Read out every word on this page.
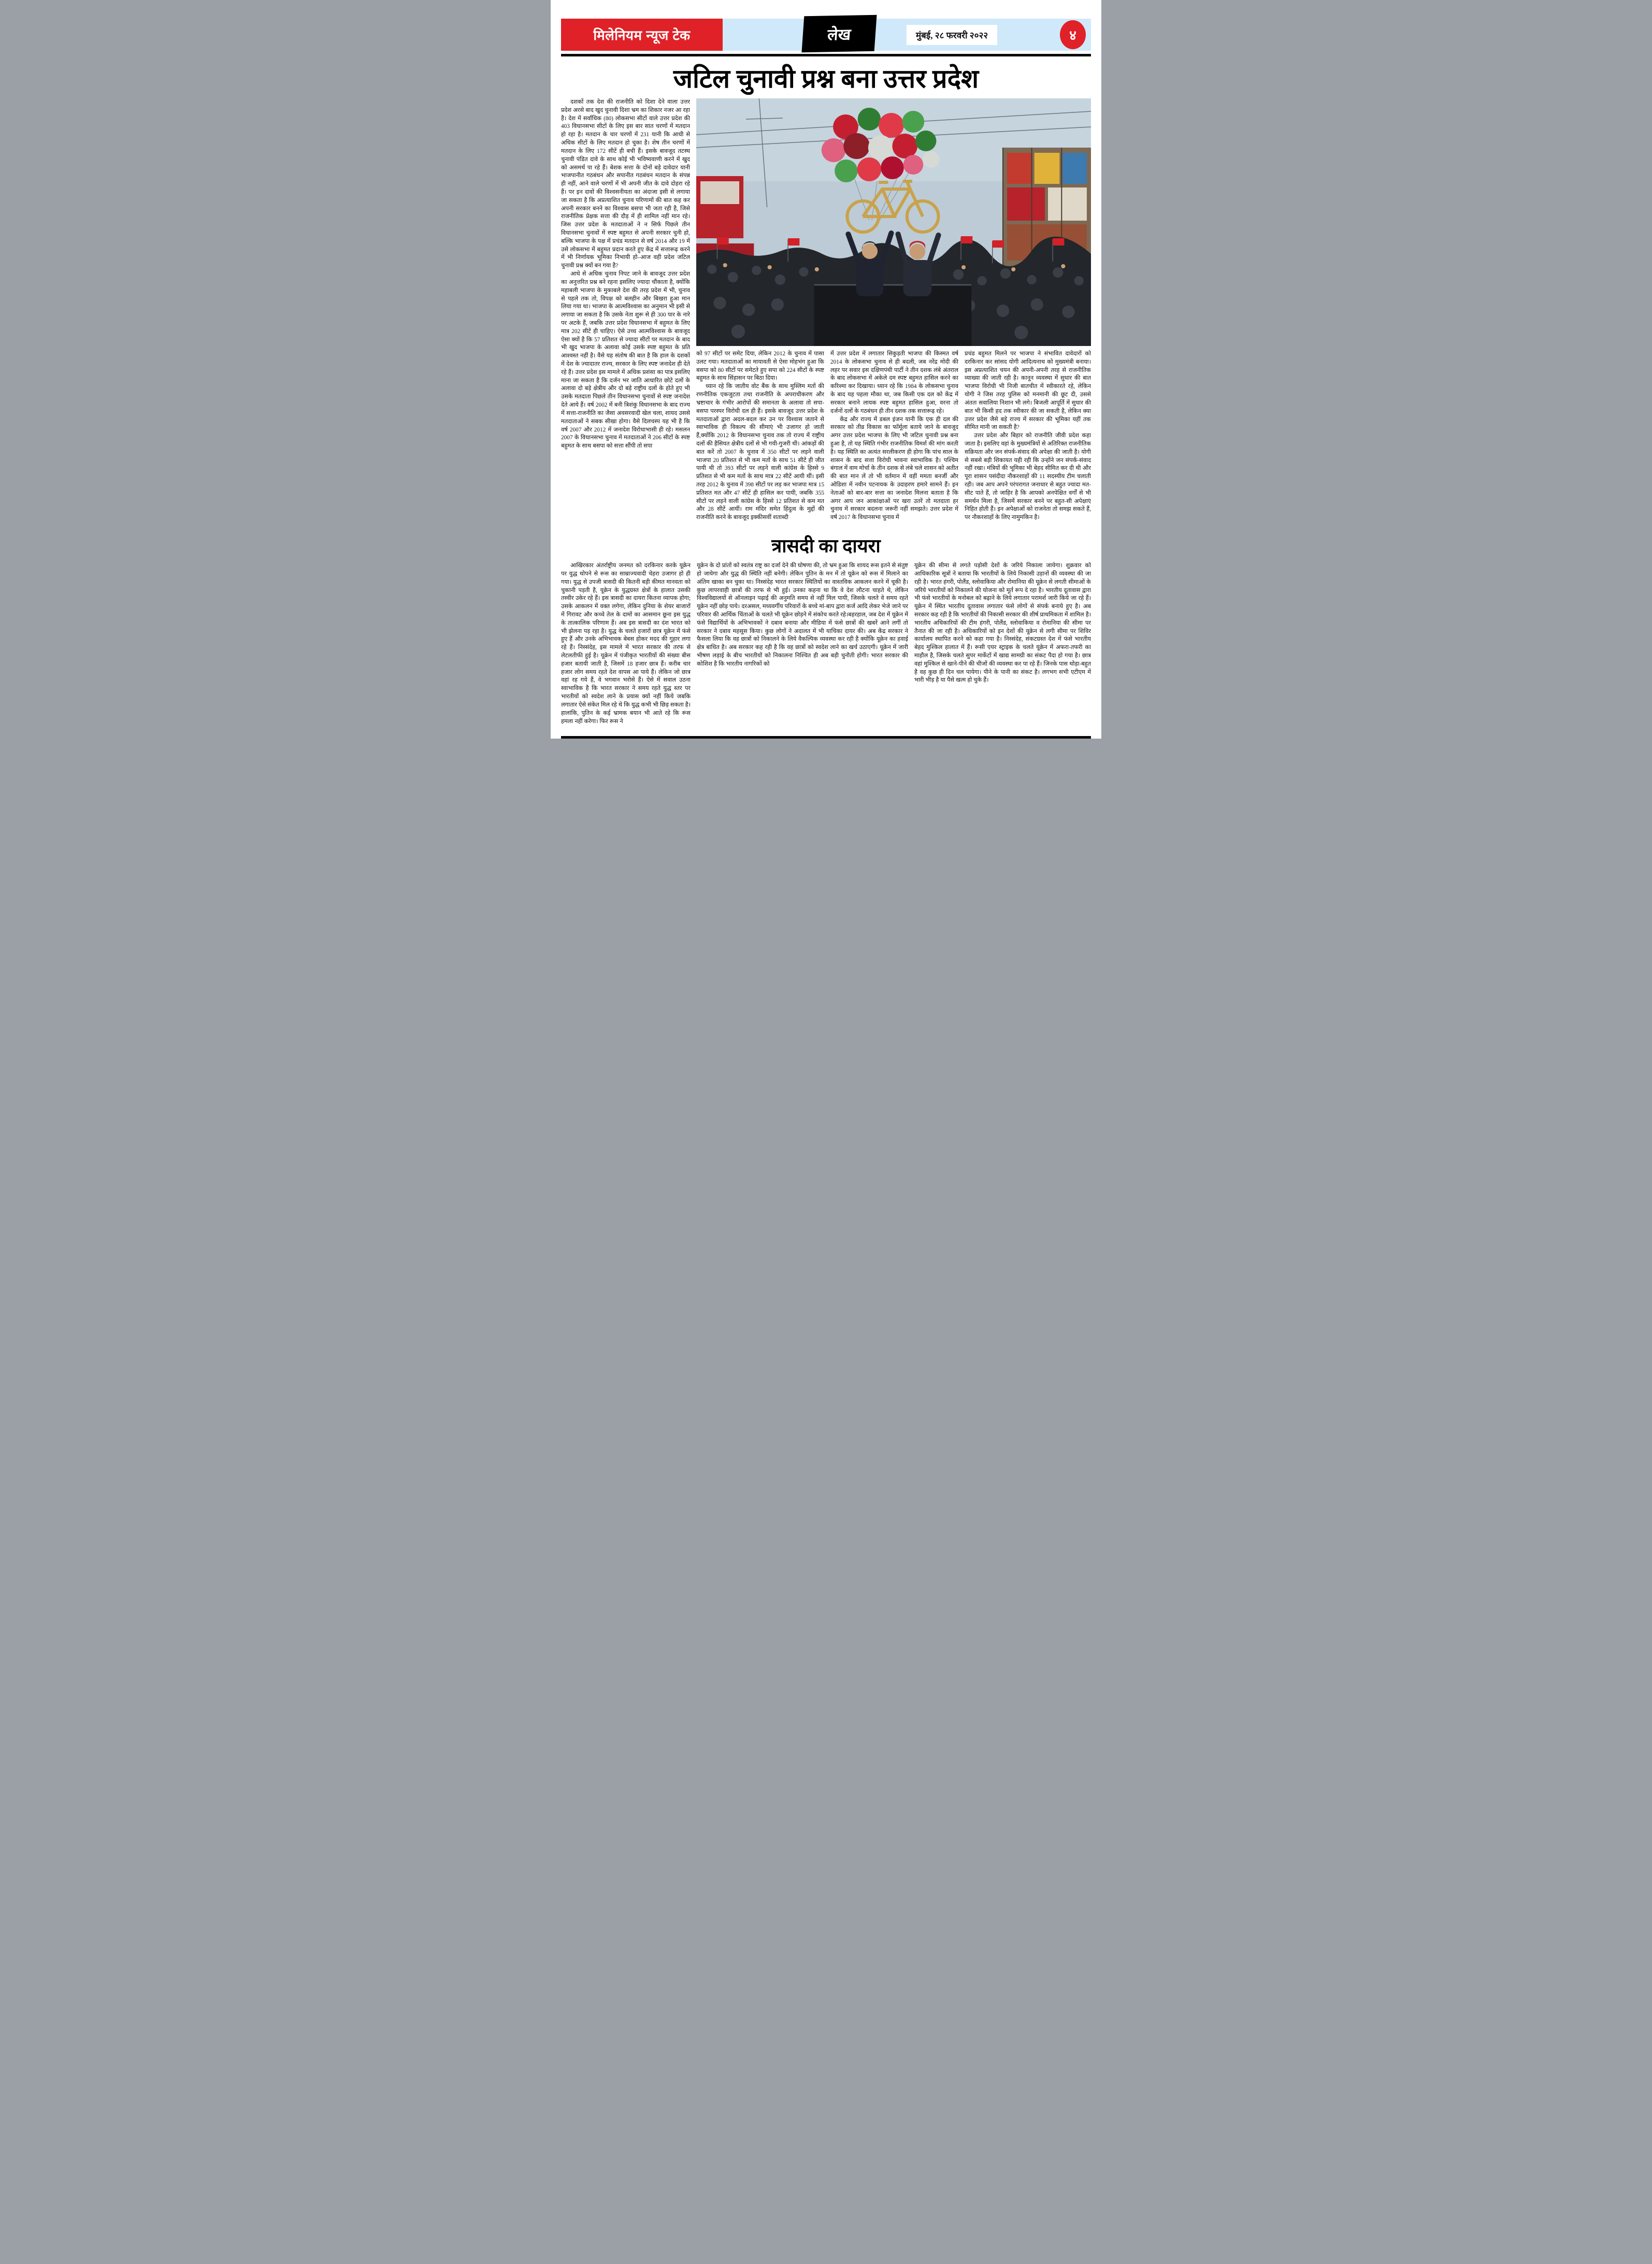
मिलेनियम न्यूज टेक	लेख	मुंबई, २८ फरवरी २०२२	४
जटिल चुनावी प्रश्न बना उत्तर प्रदेश

दशकों तक देश की राजनीति को दिशा देने वाला उत्तर प्रदेश अरसे बाद खुद चुनावी दिशा भ्रम का शिकार नजर आ रहा है। देश में सर्वाधिक (80) लोकसभा सीटों वाले उत्तर प्रदेश की 403 विधानसभा सीटों के लिए इस बार सात चरणों में मतदान हो रहा है। मतदान के चार चरणों में 231 यानी कि आधी से अधिक सीटों के लिए मतदान हो चुका है। शेष तीन चरणों में मतदान के लिए 172 सीटें ही बची हैं। इसके बावजूद तटस्थ चुनावी पंडित दावे के साथ कोई भी भविष्यवाणी करने में खुद को असमर्थ पा रहे हैं। बेशक सत्ता के दोनों बड़े दावेदार यानी भाजपानीत गठबंधन और सपानीत गठबंधन मतदान के संपन्न ही नहीं, आने वाले चरणों में भी अपनी जीत के दावे दोहरा रहे हैं। पर इन दावों की विश्वसनीयता का अंदाजा इसी से लगाया जा सकता है कि अप्रत्याशित चुनाव परिणामों की बात कह कर अपनी सरकार बनने का विश्वास बसपा भी जता रही है, जिसे राजनीतिक प्रेक्षक सत्ता की दौड़ में ही शामिल नहीं मान रहे। जिस उत्तर प्रदेश के मतदाताओं ने न सिर्फ पिछले तीन विधानसभा चुनावों में स्पष्ट बहुमत से अपनी सरकार चुनी हो, बल्कि भाजपा के पक्ष में प्रचंड मतदान से वर्ष 2014 और 19 में उसे लोकसभा में बहुमत प्रदान करते हुए केंद्र में सत्तारूढ़ करने में भी निर्णायक भूमिका निभायी हो–आज वही प्रदेश जटिल चुनावी प्रश्न क्यों बन गया है?

आधे से अधिक चुनाव निपट जाने के बावजूद उत्तर प्रदेश का अनुत्तरित प्रश्न बने रहना इसलिए ज्यादा चौंकाता है, क्योंकि महाबली भाजपा के मुकाबले देश की तरह प्रदेश में भी, चुनाव से पहले तक तो, विपक्ष को बलहीन और बिखरा हुआ मान लिया गया था। भाजपा के आत्मविश्वास का अनुमान भी इसी से लगाया जा सकता है कि उसके नेता शुरू से ही 300 पार के नारे पर अटके हैं, जबकि उत्तर प्रदेश विधानसभा में बहुमत के लिए मात्र 202 सीटें ही चाहिए। ऐसे उच्च आत्मविश्वास के बावजूद ऐसा क्यों है कि 57 प्रतिशत से ज्यादा सीटों पर मतदान के बाद भी खुद भाजपा के अलावा कोई उसके स्पष्ट बहुमत के प्रति आश्वस्त नहीं है। वैसे यह संतोष की बात है कि हाल के दशकों में देश के ज्यादातर राज्य, सरकार के लिए स्पष्ट जनादेश ही देते रहे हैं। उत्तर प्रदेश इस मामले में अधिक प्रशंसा का पात्र इसलिए माना जा सकता है कि दर्जन भर जाति आधारित छोटे दलों के अलावा दो बड़े क्षेत्रीय और दो बड़े राष्ट्रीय दलों के होते हुए भी उसके मतदाता पिछले तीन विधानसभा चुनावों से स्पष्ट जनादेश देते आये हैं। वर्ष 2002 में बनी त्रिशंकु विधानसभा के बाद राज्य में सत्ता-राजनीति का जैसा अवसरवादी खेल चला, शायद उससे मतदाताओं ने सबक सीखा होगा। वैसे दिलचस्प यह भी है कि वर्ष 2007 और 2012 में जनादेश विरोधाभासी ही रहे। मसलन 2007 के विधानसभा चुनाव में मतदाताओं ने 206 सीटों के स्पष्ट बहुमत के साथ बसपा को सत्ता सौंपी तो सपा

को 97 सीटों पर समेट दिया, लेकिन 2012 के चुनाव में पासा उलट गया। मतदाताओं का मायावती से ऐसा मोहभंग हुआ कि बसपा को 80 सीटों पर समेटते हुए सपा को 224 सीटों के स्पष्ट बहुमत के साथ सिंहासन पर बिठा दिया।

ध्यान रहे कि जातीय वोट बैंक के साथ मुस्लिम मतों की रणनीतिक एकजुटता तथा राजनीति के अपराधीकरण और भ्रष्टाचार के गंभीर आरोपों की समानता के अलावा तो सपा-बसपा परस्पर विरोधी दल ही हैं। इसके बावजूद उत्तर प्रदेश के मतदाताओं द्वारा अदल-बदल कर उन पर विश्वास जताने से स्वाभाविक ही विकल्प की सीमाएं भी उजागर हो जाती हैं,क्योंकि 2012 के विधानसभा चुनाव तक तो राज्य में राष्ट्रीय दलों की हैसियत क्षेत्रीय दलों से भी गयी-गुजरी थी। आंकड़ों की बात करें तो 2007 के चुनाव में 350 सीटों पर लड़ने वाली भाजपा 20 प्रतिशत से भी कम मतों के साथ 51 सीटें ही जीत पायी थी तो 393 सीटों पर लड़ने वाली कांग्रेस के हिस्से 9 प्रतिशत से भी कम मतों के साथ मात्र 22 सीटें आयी थीं। इसी तरह 2012 के चुनाव में 398 सीटों पर लड़ कर भाजपा मात्र 15 प्रतिशत मत और 47 सीटें ही हासिल कर पायी, जबकि 355 सीटों पर लड़ने वाली कांग्रेस के हिस्से 12 प्रतिशत से कम मत और 28 सीटें आयीं। राम मंदिर समेत हिंदुत्व के मुद्दों की राजनीति करने के बावजूद इक्कीसवीं शताब्दी

में उत्तर प्रदेश में लगातार सिकुड़ती भाजपा की किस्मत वर्ष 2014 के लोकसभा चुनाव से ही बदली, जब नरेंद्र मोदी की लहर पर सवार इस दक्षिणपंथी पार्टी ने तीन दशक लंबे अंतराल के बाद लोकसभा में अकेले दम स्पष्ट बहुमत हासिल करने का करिश्मा कर दिखाया। ध्यान रहे कि 1984 के लोकसभा चुनाव के बाद यह पहला मौका था, जब किसी एक दल को केंद्र में सरकार बनाने लायक स्पष्ट बहुमत हासिल हुआ, वरना तो दर्जनों दलों के गठबंधन ही तीन दशक तक सत्तारूढ़ रहे।

केंद्र और राज्य में डबल इंजन यानी कि एक ही दल की सरकार को तीव्र विकास का फॉर्मूला बताये जाने के बावजूद अगर उत्तर प्रदेश भाजपा के लिए भी जटिल चुनावी प्रश्न बना हुआ है, तो यह स्थिति गंभीर राजनीतिक विमर्श की मांग करती है। यह स्थिति का अत्यंत सरलीकरण ही होगा कि पांच साल के शासन के बाद सत्ता विरोधी भावना स्वाभाविक है। पश्चिम बंगाल में वाम मोर्चा के तीन दशक से लंबे चले शासन को अतीत की बात मान लें तो भी वर्तमान में वहीं ममता बनर्जी और ओडिशा में नवीन पटनायक के उदाहरण हमारे सामने हैं। इन नेताओं को बार-बार सत्ता का जनादेश मिलना बताता है कि अगर आप जन आकांक्षाओं पर खरा उतरें तो मतदाता हर चुनाव में सरकार बदलना जरूरी नहीं समझते। उत्तर प्रदेश में वर्ष 2017 के विधानसभा चुनाव में

प्रचंड बहुमत मिलने पर भाजपा ने संभावित दावेदारों को दरकिनार कर सांसद योगी आदित्यनाथ को मुख्यमंत्री बनाया। इस अप्रत्याशित चयन की अपनी-अपनी तरह से राजनीतिक व्याख्या की जाती रही है। कानून व्यवस्था में सुधार की बात भाजपा विरोधी भी निजी बातचीत में स्वीकारते रहे, लेकिन योगी ने जिस तरह पुलिस को मनमानी की छूट दी, उससे अंततः सवालिया निशान भी लगे। बिजली आपूर्ति में सुधार की बात भी किसी हद तक स्वीकार की जा सकती है, लेकिन क्या उत्तर प्रदेश जैसे बड़े राज्य में सरकार की भूमिका यहीं तक सीमित मानी जा सकती है?

उत्तर प्रदेश और बिहार को राजनीति जीवी प्रदेश कहा जाता है। इसलिए वहां के मुख्यमंत्रियों से अतिरिक्त राजनीतिक सक्रियता और जन संपर्क-संवाद की अपेक्षा की जाती है। योगी से सबसे बड़ी शिकायत यही रही कि उन्होंने जन संपर्क-संवाद नहीं रखा। मंत्रियों की भूमिका भी बेहद सीमित कर दी थी और पूरा शासन पसंदीदा नौकरशाहों की 11 सदस्यीय टीम चलाती रही। जब आप अपने परंपरागत जनाधार से बहुत ज्यादा मत-सीट पाते हैं, तो जाहिर है कि आपको अनपेक्षित वर्गों से भी समर्थन मिला है, जिसमें सरकार बनने पर बहुत-सी अपेक्षाएं निहित होती हैं। इन अपेक्षाओं को राजनेता तो समझ सकते हैं, पर नौकरशाहों के लिए नामुमकिन है।

त्रासदी का दायरा

आखिरकार अंतर्राष्ट्रीय जनमत को दरकिनार करके यूक्रेन पर युद्ध थोपने से रूस का साम्राज्यवादी चेहरा उजागर हो ही गया। युद्ध से उपजी त्रासदी की कितनी बड़ी कीमत मानवता को चुकानी पड़ती है, यूक्रेन के युद्धग्रस्त क्षेत्रों के हालात उसकी तस्वीर उकेर रहे हैं। इस त्रासदी का दायरा कितना व्यापक होगा; उसके आकलन में वक्त लगेगा, लेकिन दुनिया के शेयर बाजारों में गिरावट और कच्चे तेल के दामों का आसमान छूना इस युद्ध के तात्कालिक परिणाम हैं। अब इस त्रासदी का दंश भारत को भी झेलना पड़ रहा है। युद्ध के चलते हजारों छात्र यूक्रेन में फंसे हुए हैं और उनके अभिभावक बेबस होकर मदद की गुहार लगा रहे हैं। निस्संदेह, इस मामले में भारत सरकार की तरफ से लेटलतीफी हुई है। यूक्रेन में पंजीकृत भारतीयों की संख्या बीस हजार बतायी जाती है, जिसमें 18 हजार छात्र हैं। करीब चार हजार लोग समय रहते देश वापस आ पाये हैं। लेकिन जो छात्र वहां रह गये हैं, वे भगवान भरोसे हैं। ऐसे में सवाल उठना स्वाभाविक है कि भारत सरकार ने समय रहते युद्ध स्तर पर भारतीयों को स्वदेश लाने के प्रयास क्यों नहीं किये जबकि लगातार ऐसे संकेत मिल रहे थे कि युद्ध कभी भी छिड़ सकता है। हालांकि, पुतिन के कई भ्रामक बयान भी आते रहे कि रूस हमला नहीं करेगा। फिर रूस ने

यूक्रेन के दो प्रांतों को स्वतंत्र राष्ट्र का दर्जा देने की घोषणा की, तो भ्रम हुआ कि शायद रूस इतने से संतुष्ट हो जायेगा और युद्ध की स्थिति नहीं बनेगी। लेकिन पुतिन के मन में तो यूक्रेन को रूस में मिलाने का अंतिम खाका बन चुका था। निस्संदेह भारत सरकार स्थितियों का वास्तविक आकलन करने में चूकी है। कुछ लापरवाही छात्रों की तरफ से भी हुई। उनका कहना था कि वे देश लौटना चाहते थे, लेकिन विश्वविद्यालयों से ऑनलाइन पढ़ाई की अनुमति समय से नहीं मिल पायी, जिसके चलते वे समय रहते यूक्रेन नहीं छोड़ पाये। दरअसल, मध्यवर्गीय परिवारों के बच्चे मां-बाप द्वारा कर्ज आदि लेकर भेजे जाने पर परिवार की आर्थिक चिंताओं के चलते भी यूक्रेन छोड़ने में संकोच करते रहे।बहरहाल, जब देश में यूक्रेन में फंसे विद्यार्थियों के अभिभावकों ने दबाव बनाया और मीडिया में फंसे छात्रों की खबरें आने लगीं तो सरकार ने दबाव महसूस किया। कुछ लोगों ने अदालत में भी याचिका दायर की। अब केंद्र सरकार ने फैसला लिया कि वह छात्रों को निकालने के लिये वैकल्पिक व्यवस्था कर रही है क्योंकि यूक्रेन का हवाई क्षेत्र बाधित है। अब सरकार कह रही है कि वह छात्रों को स्वदेश लाने का खर्च उठाएगी। यूक्रेन में जारी भीषण लड़ाई के बीच भारतीयों को निकालना निश्चित ही अब बड़ी चुनौती होगी। भारत सरकार की कोशिश है कि भारतीय नागरिकों को

यूक्रेन की सीमा से लगते पड़ोसी देशों के जरिये निकाला जायेगा। शुक्रवार को आधिकारिक सूत्रों ने बताया कि भारतीयों के लिये निकासी उड़ानों की व्यवस्था की जा रही है। भारत हंगरी, पोलैंड, स्लोवाकिया और रोमानिया की यूक्रेन से लगती सीमाओं के जरिये भारतीयों को निकालने की योजना को मूर्त रूप दे रहा है। भारतीय दूतावास द्वारा भी फंसे भारतीयों के मनोबल को बढ़ाने के लिये लगातार परामर्श जारी किये जा रहे हैं। यूक्रेन में स्थित भारतीय दूतावास लगातार फंसे लोगों से संपर्क बनाये हुए है। अब सरकार कह रही है कि भारतीयों की निकासी सरकार की शीर्ष प्राथमिकता में शामिल है। भारतीय अधिकारियों की टीम हंगरी, पोलैंड, स्लोवाकिया व रोमानिया की सीमा पर तैनात की जा रही है। अधिकारियों को इन देशों की यूक्रेन से लगी सीमा पर शिविर कार्यालय स्थापित करने को कहा गया है। निस्संदेह, संकटग्रस्त देश में फंसे भारतीय बेहद मुश्किल हालात में हैं। रूसी एयर स्ट्राइक के चलते यूक्रेन में अफरा-तफरी का माहौल है, जिसके चलते सुपर मार्केटों में खाद्य सामग्री का संकट पैदा हो गया है। छात्र वहां मुश्किल से खाने-पीने की चीजों की व्यवस्था कर पा रहे हैं। जिनके पास थोड़ा-बहुत है वह कुछ ही दिन चल पायेगा। पीने के पानी का संकट है। लगभग सभी एटीएम में भारी भीड़ है या पैसे खत्म हो चुके हैं।
